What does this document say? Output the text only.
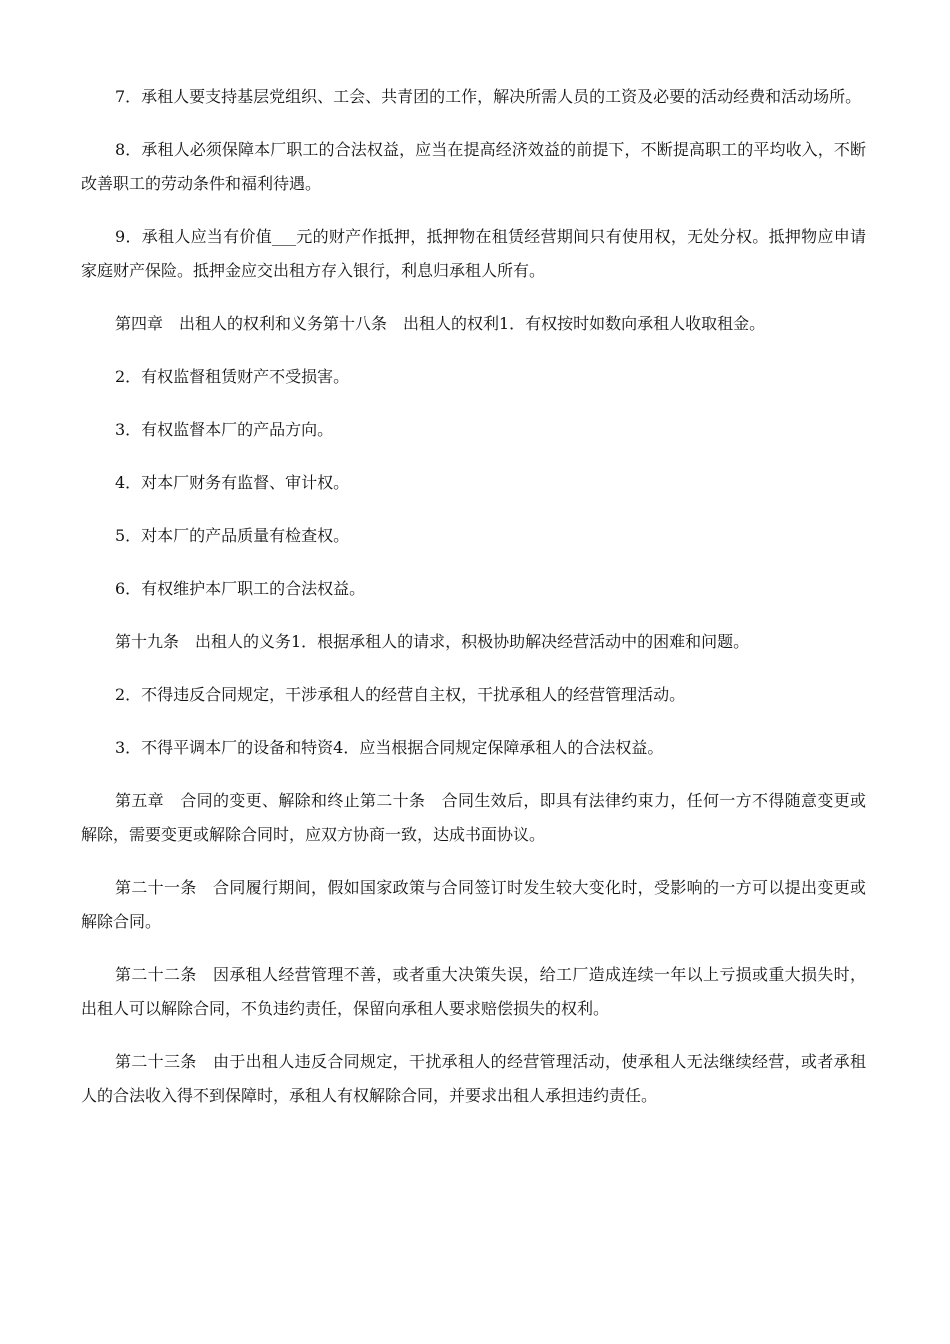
7．承租人要支持基层党组织、工会、共青团的工作，解决所需人员的工资及必要的活动经费和活动场所。

8．承租人必须保障本厂职工的合法权益，应当在提高经济效益的前提下，不断提高职工的平均收入，不断改善职工的劳动条件和福利待遇。

9．承租人应当有价值___元的财产作抵押，抵押物在租赁经营期间只有使用权，无处分权。抵押物应申请家庭财产保险。抵押金应交出租方存入银行，利息归承租人所有。

第四章　出租人的权利和义务第十八条　出租人的权利1．有权按时如数向承租人收取租金。

2．有权监督租赁财产不受损害。

3．有权监督本厂的产品方向。

4．对本厂财务有监督、审计权。

5．对本厂的产品质量有检查权。

6．有权维护本厂职工的合法权益。

第十九条　出租人的义务1．根据承租人的请求，积极协助解决经营活动中的困难和问题。

2．不得违反合同规定，干涉承租人的经营自主权，干扰承租人的经营管理活动。

3．不得平调本厂的设备和特资4．应当根据合同规定保障承租人的合法权益。

第五章　合同的变更、解除和终止第二十条　合同生效后，即具有法律约束力，任何一方不得随意变更或解除，需要变更或解除合同时，应双方协商一致，达成书面协议。

第二十一条　合同履行期间，假如国家政策与合同签订时发生较大变化时，受影响的一方可以提出变更或解除合同。

第二十二条　因承租人经营管理不善，或者重大决策失误，给工厂造成连续一年以上亏损或重大损失时，出租人可以解除合同，不负违约责任，保留向承租人要求赔偿损失的权利。

第二十三条　由于出租人违反合同规定，干扰承租人的经营管理活动，使承租人无法继续经营，或者承租人的合法收入得不到保障时，承租人有权解除合同，并要求出租人承担违约责任。
